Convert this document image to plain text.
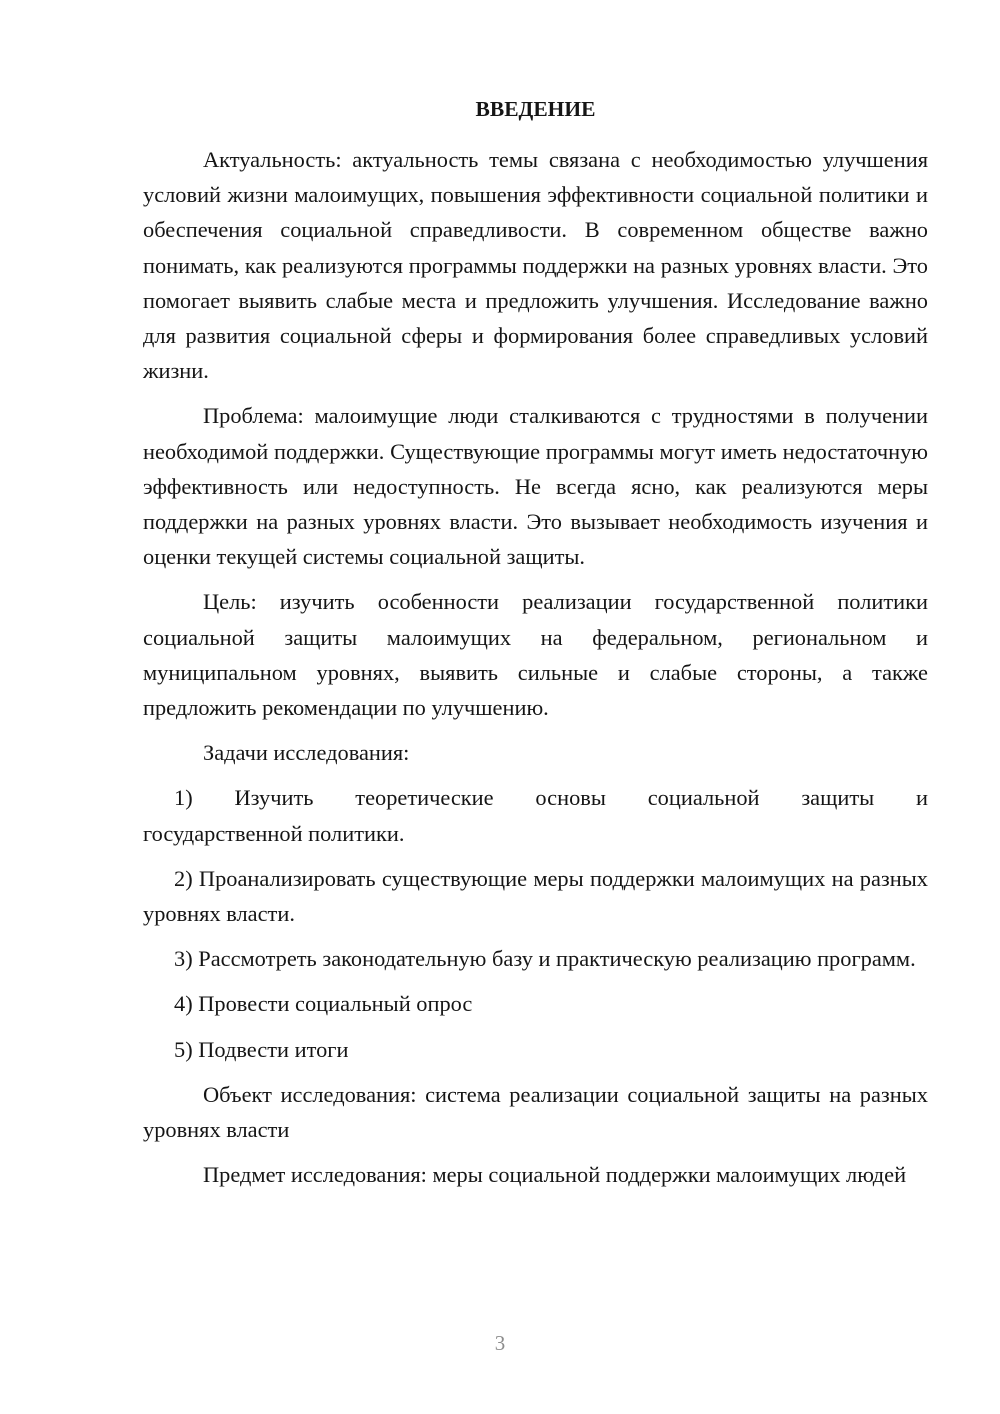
ВВЕДЕНИЕ

Актуальность: актуальность темы связана с необходимостью улучшения условий жизни малоимущих, повышения эффективности социальной политики и обеспечения социальной справедливости. В современном обществе важно понимать, как реализуются программы поддержки на разных уровнях власти. Это помогает выявить слабые места и предложить улучшения. Исследование важно для развития социальной сферы и формирования более справедливых условий жизни.

Проблема: малоимущие люди сталкиваются с трудностями в получении необходимой поддержки. Существующие программы могут иметь недостаточную эффективность или недоступность. Не всегда ясно, как реализуются меры поддержки на разных уровнях власти. Это вызывает необходимость изучения и оценки текущей системы социальной защиты.

Цель: изучить особенности реализации государственной политики социальной защиты малоимущих на федеральном, региональном и муниципальном уровнях, выявить сильные и слабые стороны, а также предложить рекомендации по улучшению.

Задачи исследования:

1)   Изучить   теоретические   основы   социальной   защиты   и
государственной политики.

2) Проанализировать существующие меры поддержки малоимущих на разных уровнях власти.

3) Рассмотреть законодательную базу и практическую реализацию программ.

4) Провести социальный опрос

5) Подвести итоги

Объект исследования: система реализации социальной защиты на разных уровнях власти

Предмет исследования: меры социальной поддержки малоимущих людей

3
